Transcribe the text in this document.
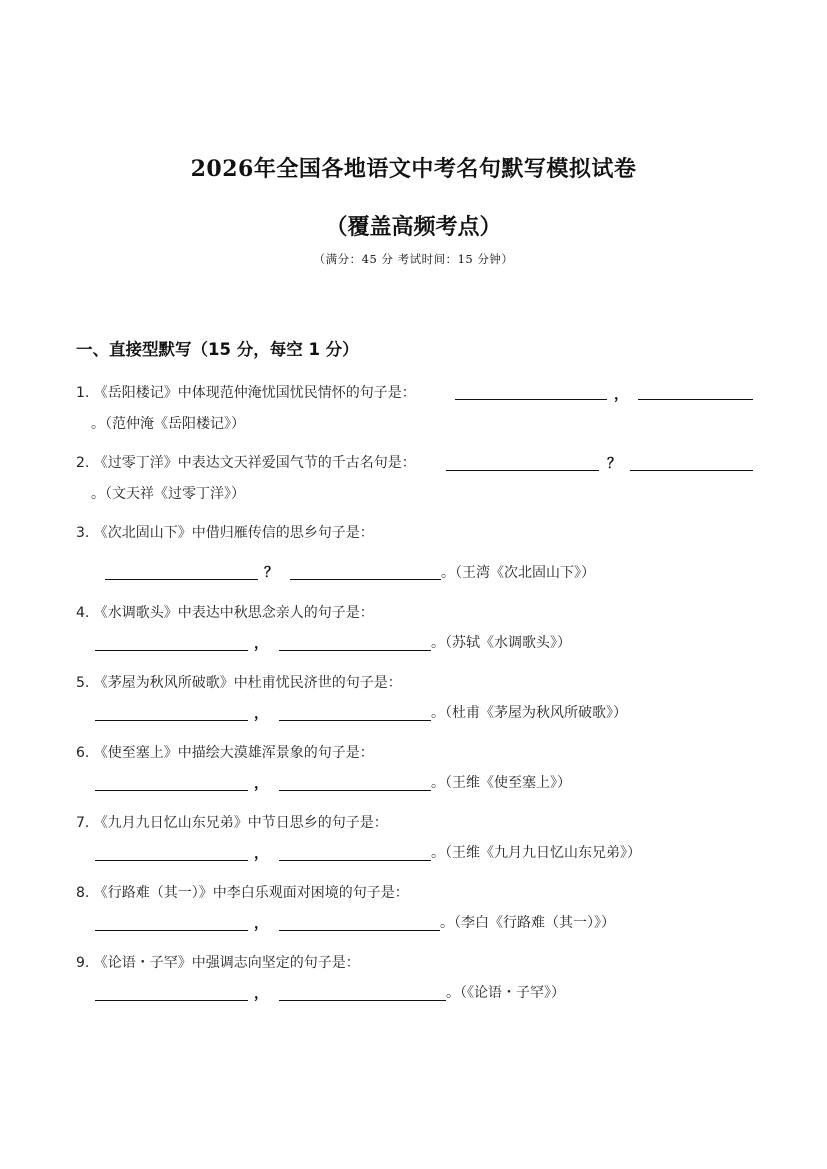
2026年全国各地语文中考名句默写模拟试卷
（覆盖高频考点）
（满分：45 分 考试时间：15 分钟）
一、直接型默写（15 分，每空 1 分）
1. 《岳阳楼记》中体现范仲淹忧国忧民情怀的句子是：	，
。（范仲淹《岳阳楼记》）
2. 《过零丁洋》中表达文天祥爱国气节的千古名句是：	？
。（文天祥《过零丁洋》）
3. 《次北固山下》中借归雁传信的思乡句子是：
？	。（王湾《次北固山下》）
4. 《水调歌头》中表达中秋思念亲人的句子是：
，	。（苏轼《水调歌头》）
5. 《茅屋为秋风所破歌》中杜甫忧民济世的句子是：
，	。（杜甫《茅屋为秋风所破歌》）
6. 《使至塞上》中描绘大漠雄浑景象的句子是：
，	。（王维《使至塞上》）
7. 《九月九日忆山东兄弟》中节日思乡的句子是：
，	。（王维《九月九日忆山东兄弟》）
8. 《行路难（其一）》中李白乐观面对困境的句子是：
，	。（李白《行路难（其一）》）
9. 《论语・子罕》中强调志向坚定的句子是：
，	。（《论语・子罕》）
